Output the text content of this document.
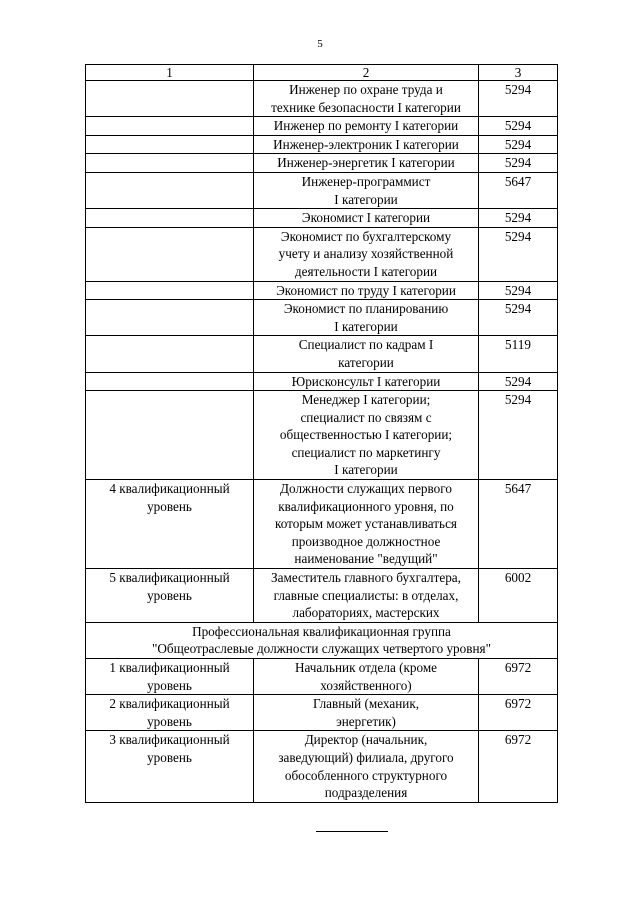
5
1	2	3

	Инженер по охране труда и
технике безопасности I категории	5294

	Инженер по ремонту I категории	5294

	Инженер-электроник I категории	5294

	Инженер-энергетик I категории	5294

	Инженер-программист
I категории	5647

	Экономист I категории	5294

	Экономист по бухгалтерскому
учету и анализу хозяйственной
деятельности I категории	5294

	Экономист по труду I категории	5294

	Экономист по планированию
I категории	5294

	Специалист по кадрам I
категории	5119

	Юрисконсульт I категории	5294

	Менеджер I категории;
специалист по связям с
общественностью I категории;
специалист по маркетингу
I категории	5294

4 квалификационный
уровень	Должности служащих первого
квалификационного уровня, по
которым может устанавливаться
производное должностное
наименование "ведущий"	5647

5 квалификационный
уровень	Заместитель главного бухгалтера,
главные специалисты: в отделах,
лабораториях, мастерских	6002

Профессиональная квалификационная группа
"Общеотраслевые должности служащих четвертого уровня"		

1 квалификационный
уровень	Начальник отдела (кроме
хозяйственного)	6972

2 квалификационный
уровень	Главный (механик,
энергетик)	6972

3 квалификационный
уровень	Директор (начальник,
заведующий) филиала, другого
обособленного структурного
подразделения	6972
